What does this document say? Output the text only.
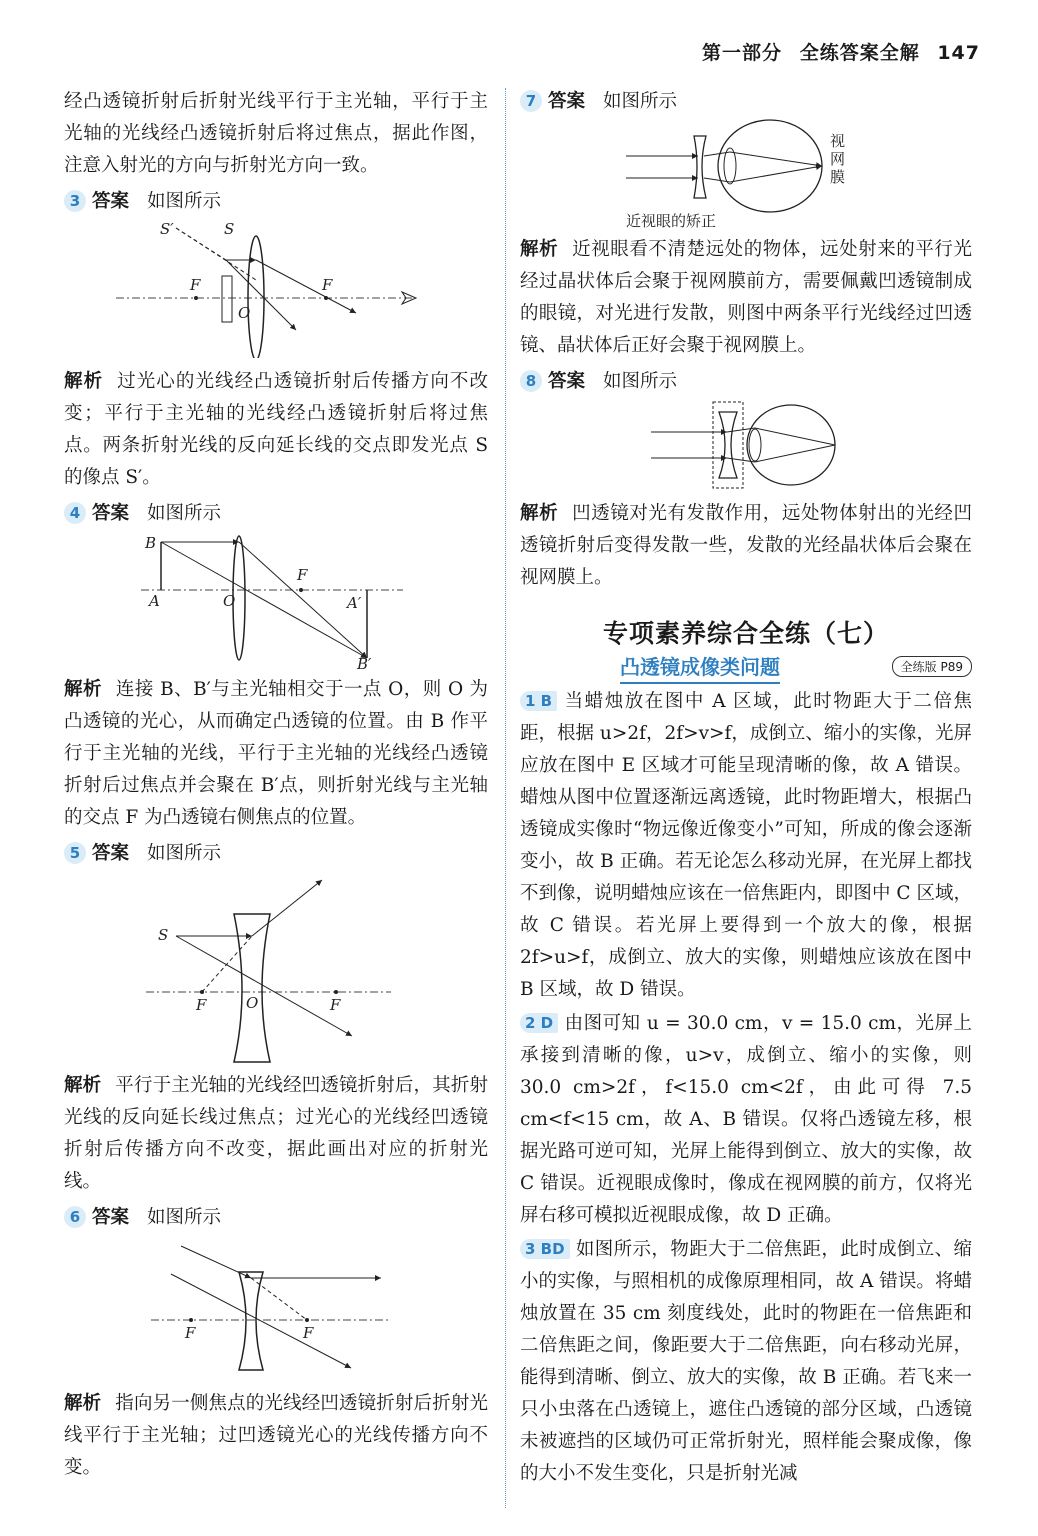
第一部分 全练答案全解 147

经凸透镜折射后折射光线平行于主光轴，平行于主光轴的光线经凸透镜折射后将过焦点，据此作图，注意入射光的方向与折射光方向一致。

3 答案 如图所示
S′	S
F
O
F

解析 过光心的光线经凸透镜折射后传播方向不改变；平行于主光轴的光线经凸透镜折射后将过焦点。两条折射光线的反向延长线的交点即发光点 S 的像点 S′。

4 答案 如图所示
B
A	O
F
A′
B′

解析 连接 B、B′与主光轴相交于一点 O，则 O 为凸透镜的光心，从而确定凸透镜的位置。由 B 作平行于主光轴的光线，平行于主光轴的光线经凸透镜折射后过焦点并会聚在 B′点，则折射光线与主光轴的交点 F 为凸透镜右侧焦点的位置。

5 答案 如图所示
S
F	O	F

解析 平行于主光轴的光线经凹透镜折射后，其折射光线的反向延长线过焦点；过光心的光线经凹透镜折射后传播方向不改变，据此画出对应的折射光线。

6 答案 如图所示
F	F

解析 指向另一侧焦点的光线经凹透镜折射后折射光线平行于主光轴；过凹透镜光心的光线传播方向不变。

7 答案 如图所示
视
网
膜
近视眼的矫正

解析 近视眼看不清楚远处的物体，远处射来的平行光经过晶状体后会聚于视网膜前方，需要佩戴凹透镜制成的眼镜，对光进行发散，则图中两条平行光线经过凹透镜、晶状体后正好会聚于视网膜上。

8 答案 如图所示

解析 凹透镜对光有发散作用，远处物体射出的光经凹透镜折射后变得发散一些，发散的光经晶状体后会聚在视网膜上。

专项素养综合全练（七）
凸透镜成像类问题	全练版 P89

1 B 当蜡烛放在图中 A 区域，此时物距大于二倍焦距，根据 u>2f，2f>v>f，成倒立、缩小的实像，光屏应放在图中 E 区域才可能呈现清晰的像，故 A 错误。蜡烛从图中位置逐渐远离透镜，此时物距增大，根据凸透镜成实像时“物远像近像变小”可知，所成的像会逐渐变小，故 B 正确。若无论怎么移动光屏，在光屏上都找不到像，说明蜡烛应该在一倍焦距内，即图中 C 区域，故 C 错误。若光屏上要得到一个放大的像，根据2f>u>f，成倒立、放大的实像，则蜡烛应该放在图中 B 区域，故 D 错误。

2 D 由图可知 u = 30.0 cm，v = 15.0 cm，光屏上承接到清晰的像，u>v，成倒立、缩小的实像，则 30.0 cm>2f，f<15.0 cm<2f，由此可得 7.5 cm<f<15 cm，故 A、B 错误。仅将凸透镜左移，根据光路可逆可知，光屏上能得到倒立、放大的实像，故 C 错误。近视眼成像时，像成在视网膜的前方，仅将光屏右移可模拟近视眼成像，故 D 正确。

3 BD 如图所示，物距大于二倍焦距，此时成倒立、缩小的实像，与照相机的成像原理相同，故 A 错误。将蜡烛放置在 35 cm 刻度线处，此时的物距在一倍焦距和二倍焦距之间，像距要大于二倍焦距，向右移动光屏，能得到清晰、倒立、放大的实像，故 B 正确。若飞来一只小虫落在凸透镜上，遮住凸透镜的部分区域，凸透镜未被遮挡的区域仍可正常折射光，照样能会聚成像，像的大小不发生变化，只是折射光减
